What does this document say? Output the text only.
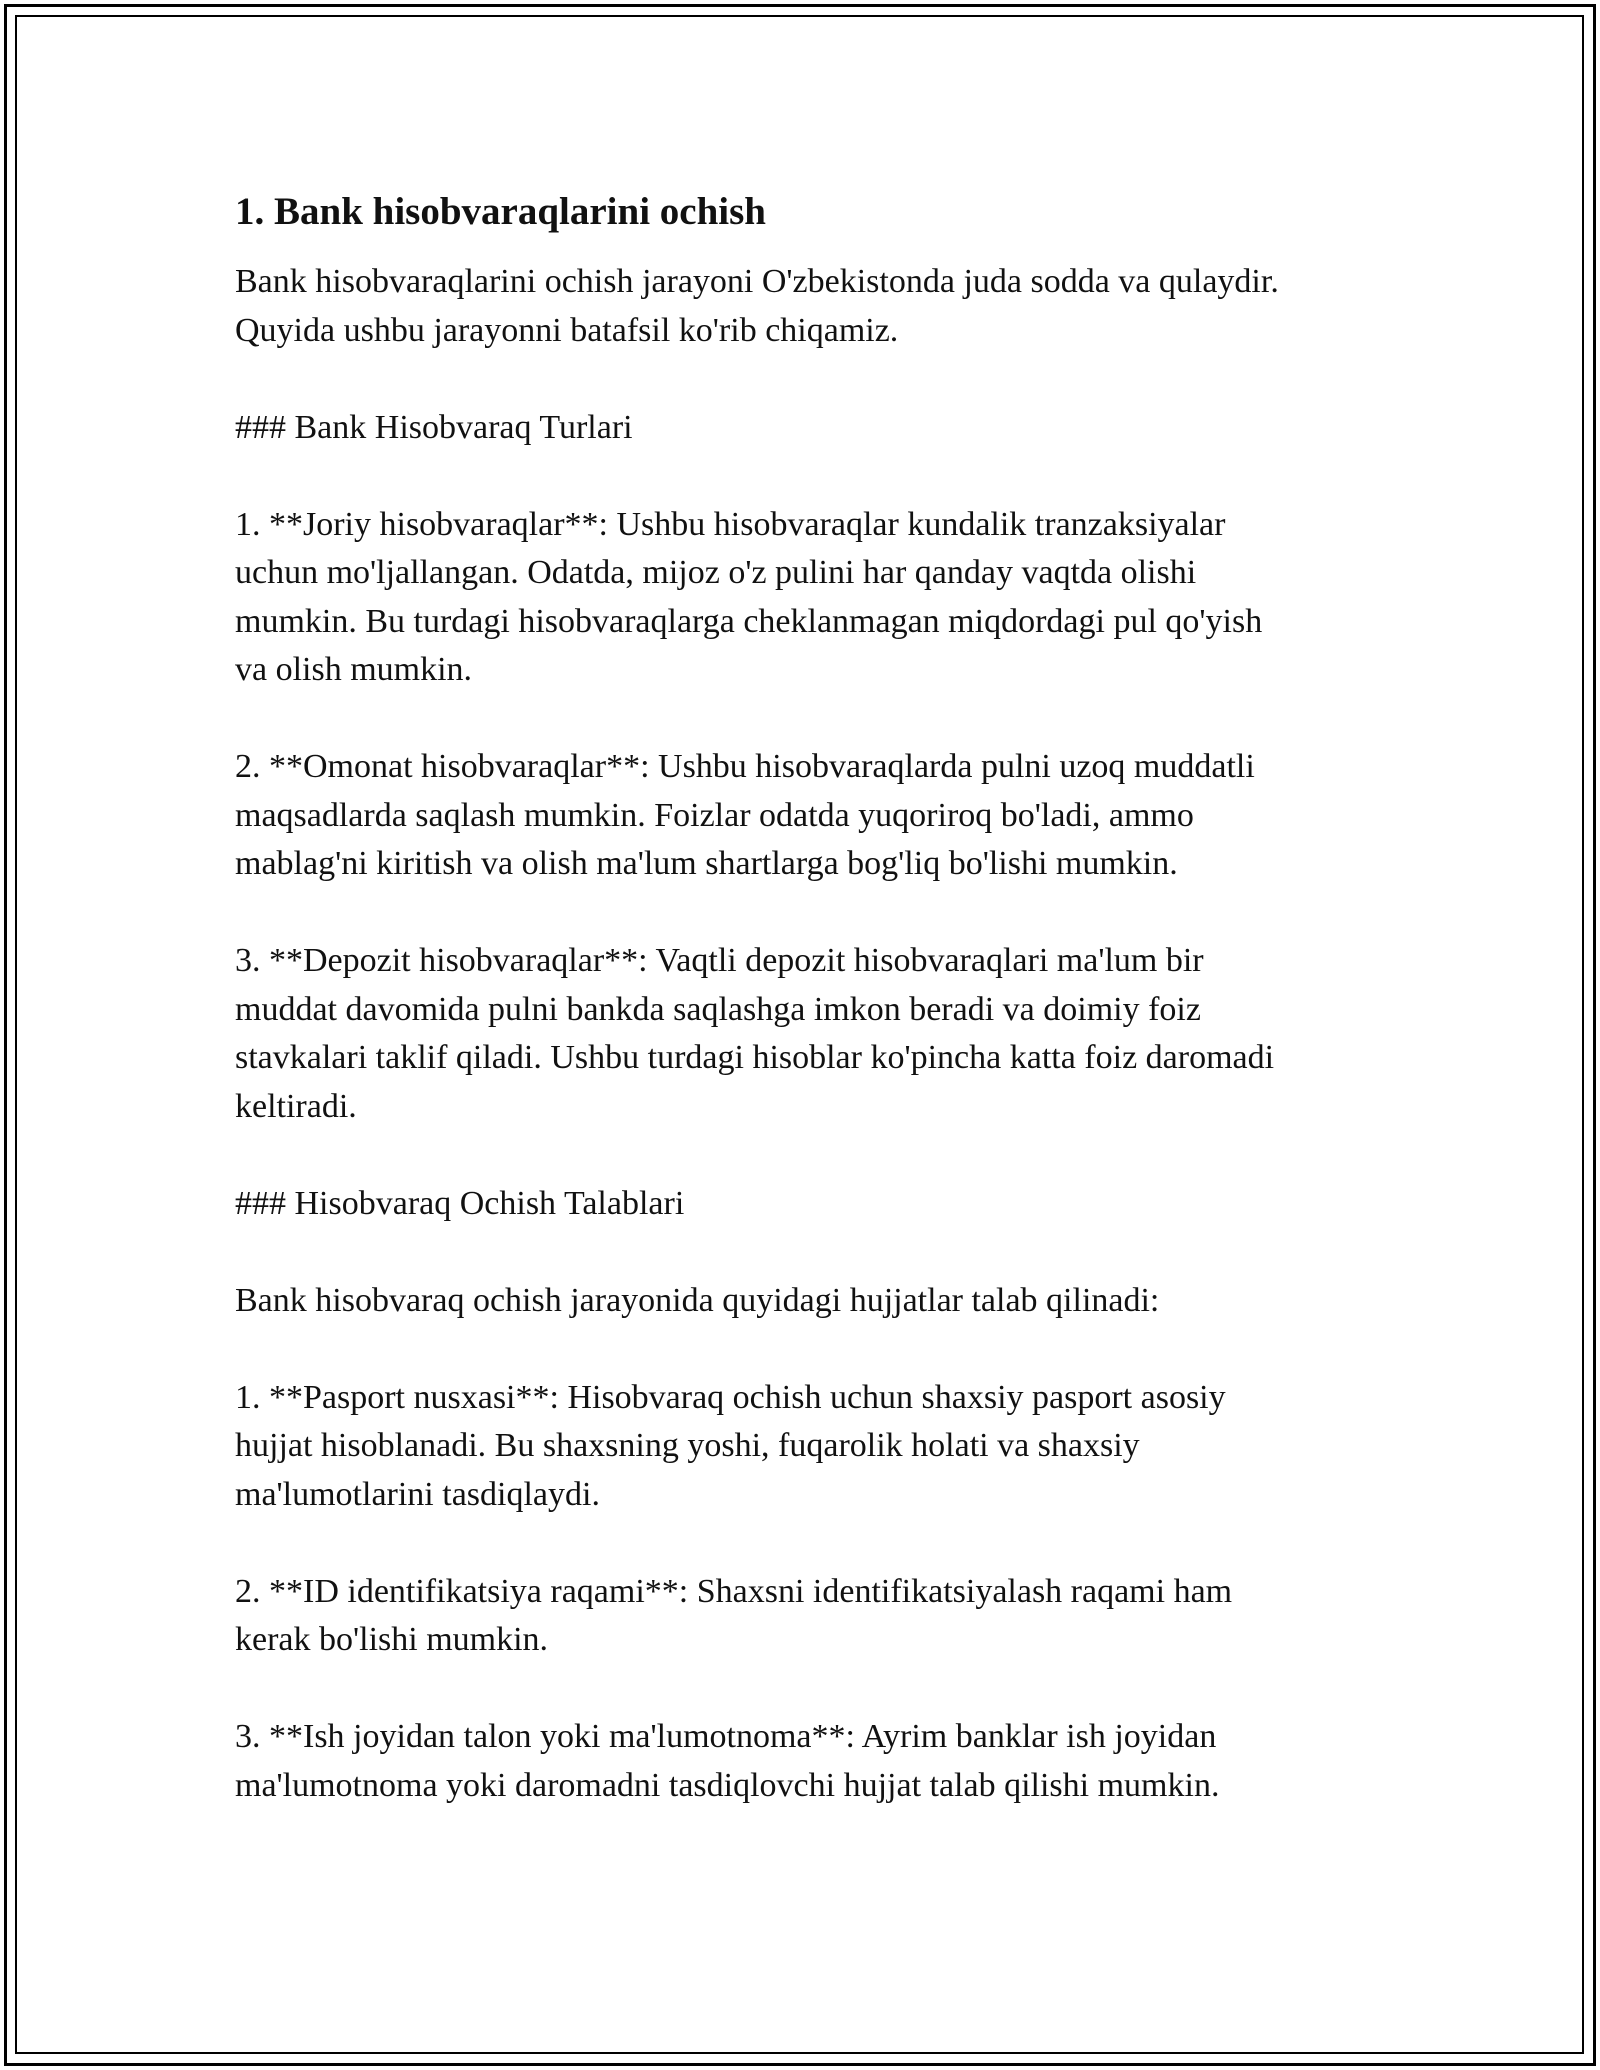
1. Bank hisobvaraqlarini ochish

Bank hisobvaraqlarini ochish jarayoni O'zbekistonda juda sodda va qulaydir.
Quyida ushbu jarayonni batafsil ko'rib chiqamiz.

### Bank Hisobvaraq Turlari

1. **Joriy hisobvaraqlar**: Ushbu hisobvaraqlar kundalik tranzaksiyalar
uchun mo'ljallangan. Odatda, mijoz o'z pulini har qanday vaqtda olishi
mumkin. Bu turdagi hisobvaraqlarga cheklanmagan miqdordagi pul qo'yish
va olish mumkin.

2. **Omonat hisobvaraqlar**: Ushbu hisobvaraqlarda pulni uzoq muddatli
maqsadlarda saqlash mumkin. Foizlar odatda yuqoriroq bo'ladi, ammo
mablag'ni kiritish va olish ma'lum shartlarga bog'liq bo'lishi mumkin.

3. **Depozit hisobvaraqlar**: Vaqtli depozit hisobvaraqlari ma'lum bir
muddat davomida pulni bankda saqlashga imkon beradi va doimiy foiz
stavkalari taklif qiladi. Ushbu turdagi hisoblar ko'pincha katta foiz daromadi
keltiradi.

### Hisobvaraq Ochish Talablari

Bank hisobvaraq ochish jarayonida quyidagi hujjatlar talab qilinadi:

1. **Pasport nusxasi**: Hisobvaraq ochish uchun shaxsiy pasport asosiy
hujjat hisoblanadi. Bu shaxsning yoshi, fuqarolik holati va shaxsiy
ma'lumotlarini tasdiqlaydi.

2. **ID identifikatsiya raqami**: Shaxsni identifikatsiyalash raqami ham
kerak bo'lishi mumkin.

3. **Ish joyidan talon yoki ma'lumotnoma**: Ayrim banklar ish joyidan
ma'lumotnoma yoki daromadni tasdiqlovchi hujjat talab qilishi mumkin.
